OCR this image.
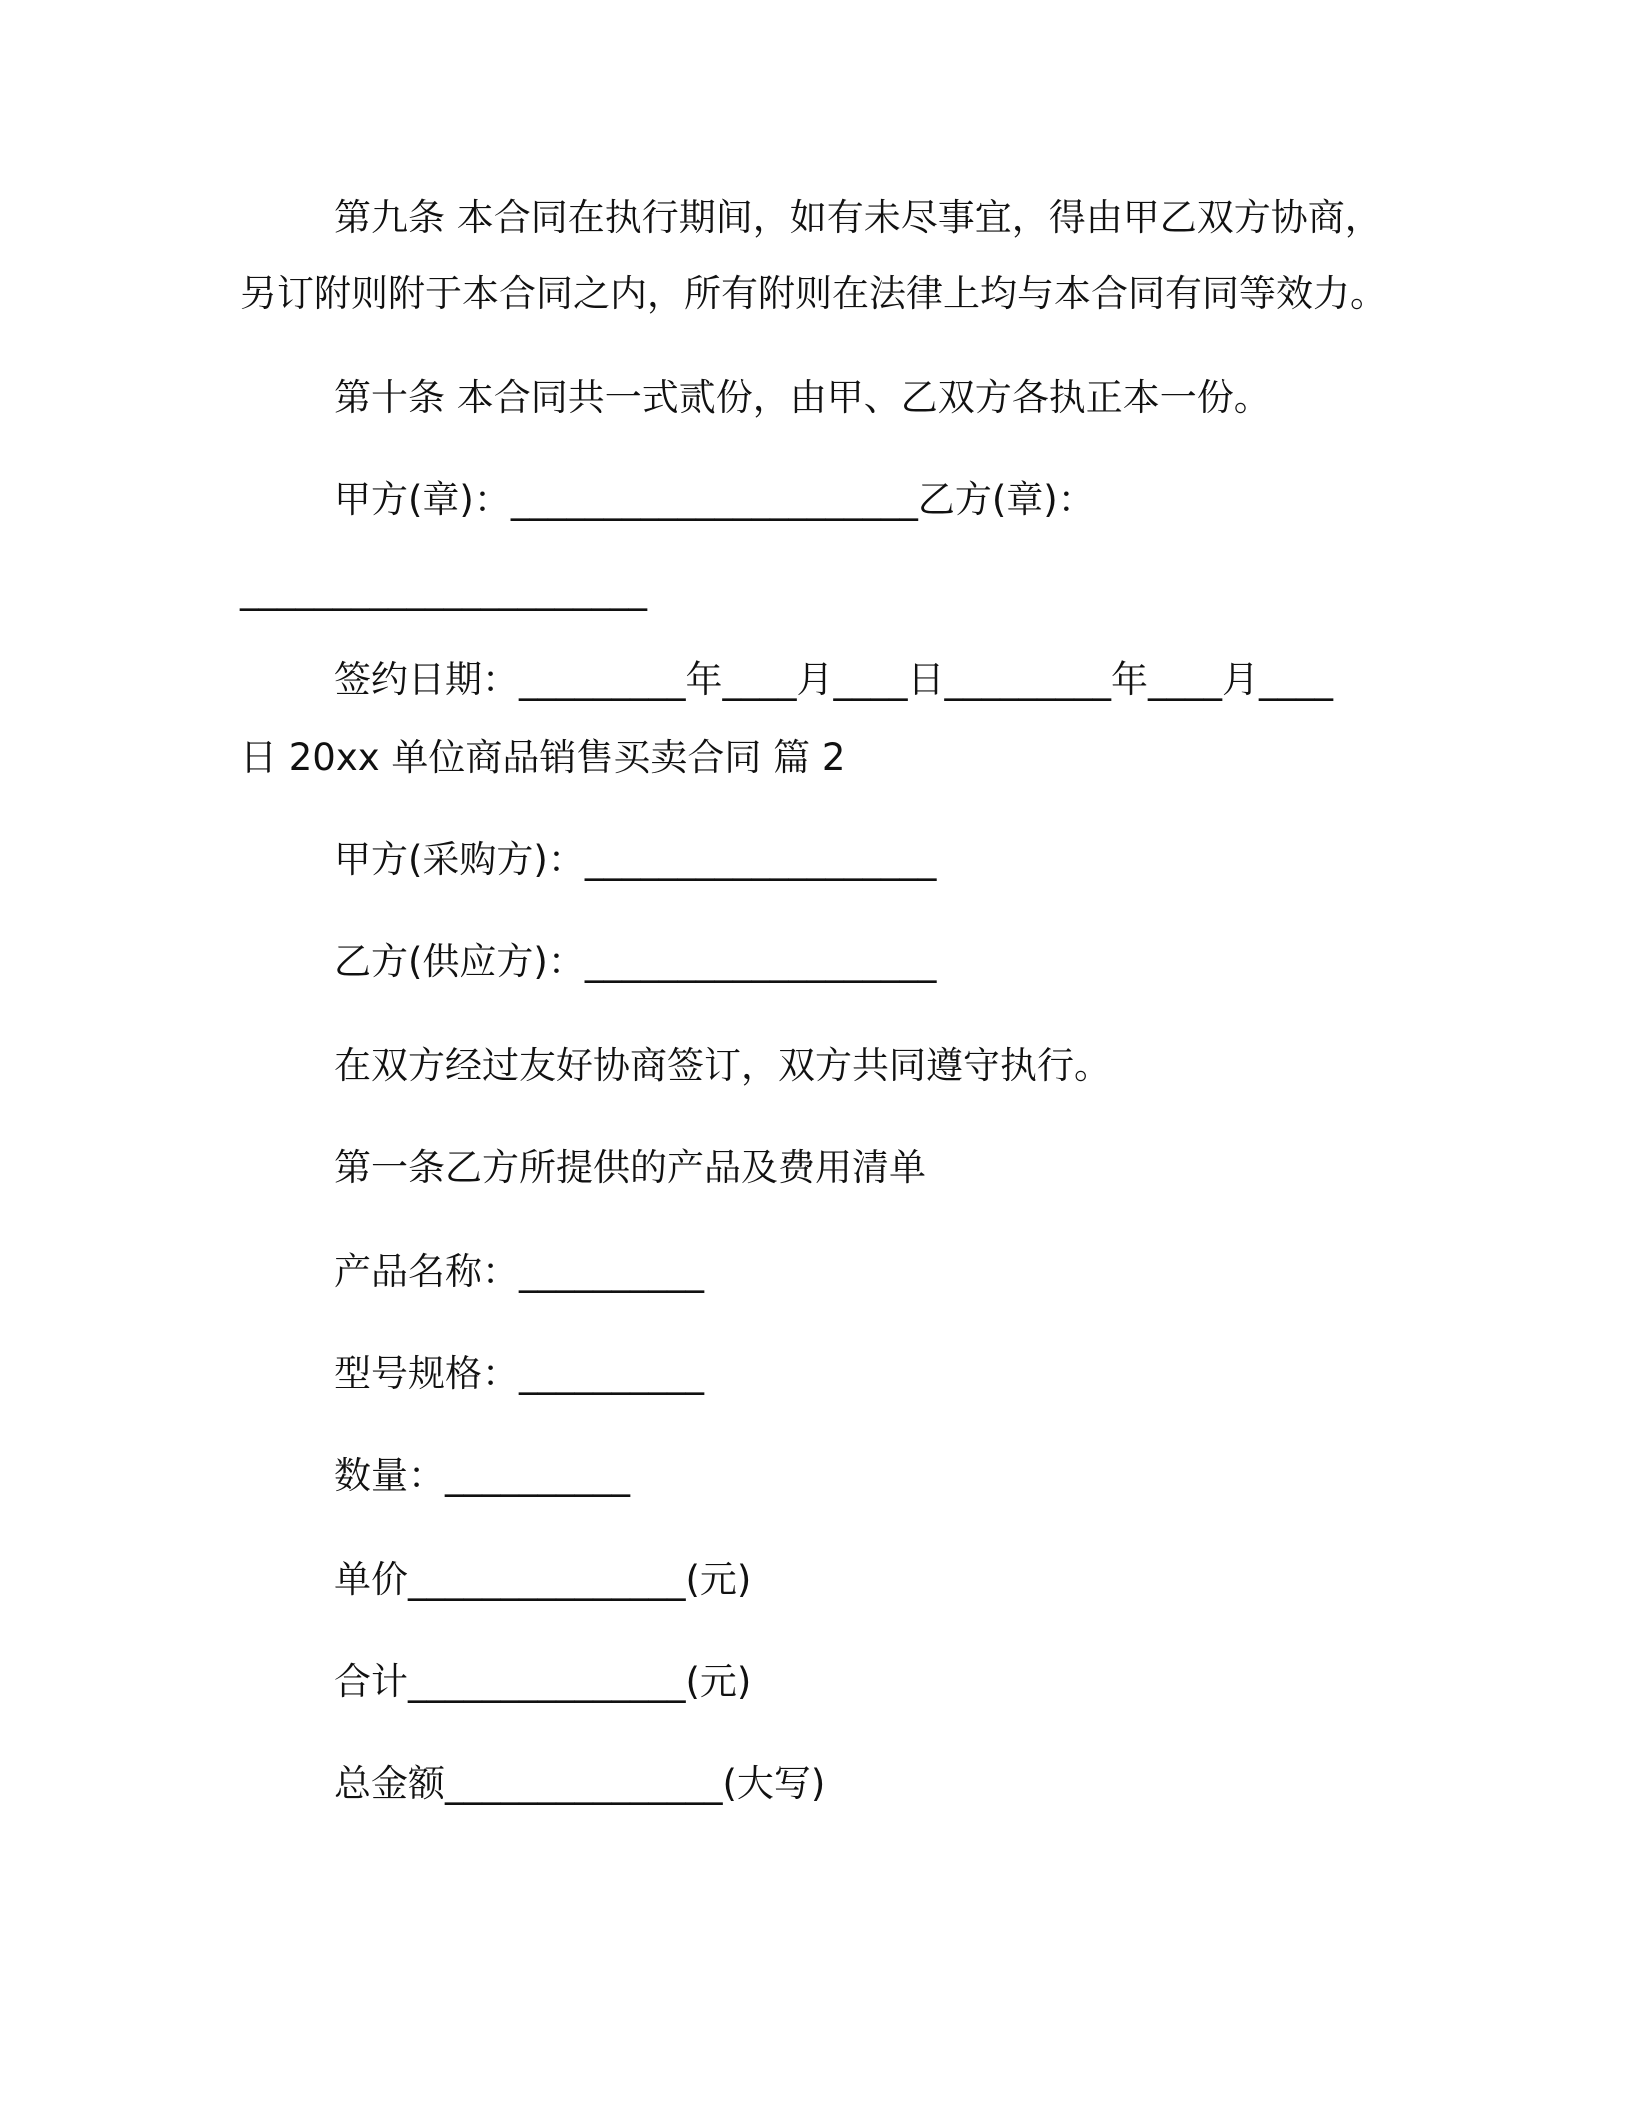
第九条 本合同在执行期间，如有未尽事宜，得由甲乙双方协商，
另订附则附于本合同之内，所有附则在法律上均与本合同有同等效力。
第十条 本合同共一式贰份，由甲、乙双方各执正本一份。
甲方(章)：______________________乙方(章)：
______________________
签约日期：_________年____月____日_________年____月____
日 20xx 单位商品销售买卖合同 篇 2
甲方(采购方)：___________________
乙方(供应方)：___________________
在双方经过友好协商签订，双方共同遵守执行。
第一条乙方所提供的产品及费用清单
产品名称：__________
型号规格：__________
数量：__________
单价_______________(元)
合计_______________(元)
总金额_______________(大写)
